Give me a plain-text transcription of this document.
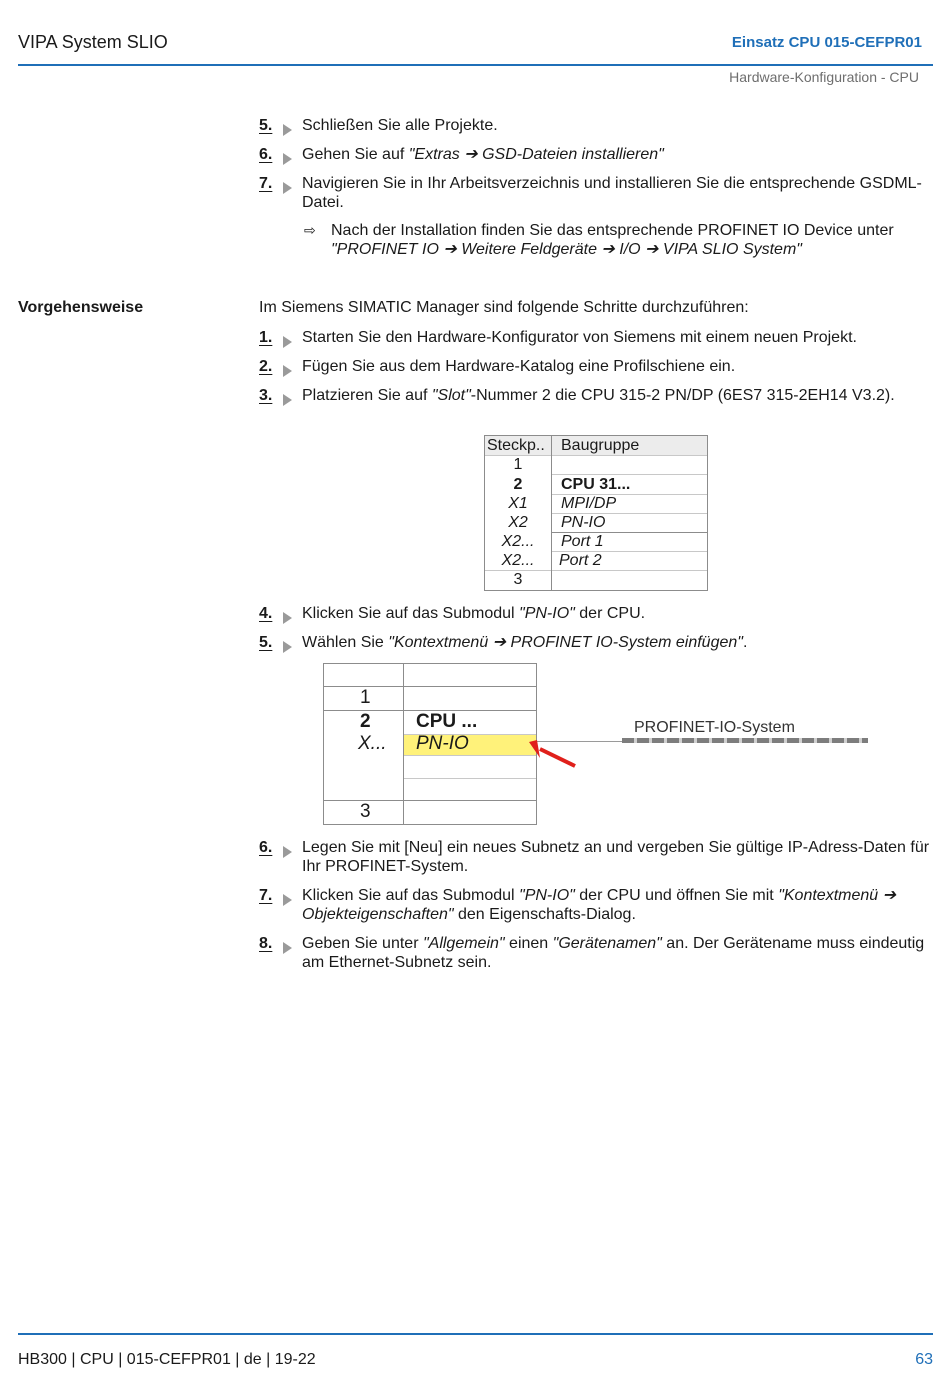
VIPA System SLIO	Einsatz CPU 015-CEFPR01
Hardware-Konfiguration - CPU
5.	Schließen Sie alle Projekte.
6.	Gehen Sie auf "Extras ➔ GSD-Dateien installieren"
7.	Navigieren Sie in Ihr Arbeitsverzeichnis und installieren Sie die entsprechende GSDML-Datei.
⇨ Nach der Installation finden Sie das entsprechende PROFINET IO Device unter
"PROFINET IO ➔ Weitere Feldgeräte ➔ I/O ➔ VIPA SLIO System"
Vorgehensweise	Im Siemens SIMATIC Manager sind folgende Schritte durchzuführen:
1.	Starten Sie den Hardware-Konfigurator von Siemens mit einem neuen Projekt.
2.	Fügen Sie aus dem Hardware-Katalog eine Profilschiene ein.
3.	Platzieren Sie auf "Slot"-Nummer 2 die CPU 315-2 PN/DP (6ES7 315-2EH14 V3.2).
Steckp..	Baugruppe
1
2	CPU 31...
X1	MPI/DP
X2	PN-IO
X2...	Port 1
X2...	Port 2
3
4.	Klicken Sie auf das Submodul "PN-IO" der CPU.
5.	Wählen Sie "Kontextmenü ➔ PROFINET IO-System einfügen".
1
2 CPU ...
X... PN-IO
3
PROFINET-IO-System
6.	Legen Sie mit [Neu] ein neues Subnetz an und vergeben Sie gültige IP-Adress-Daten für Ihr PROFINET-System.
7.	Klicken Sie auf das Submodul "PN-IO" der CPU und öffnen Sie mit "Kontextmenü ➔ Objekteigenschaften" den Eigenschafts-Dialog.
8.	Geben Sie unter "Allgemein" einen "Gerätenamen" an. Der Gerätename muss eindeutig am Ethernet-Subnetz sein.
HB300 | CPU | 015-CEFPR01 | de | 19-22	63
